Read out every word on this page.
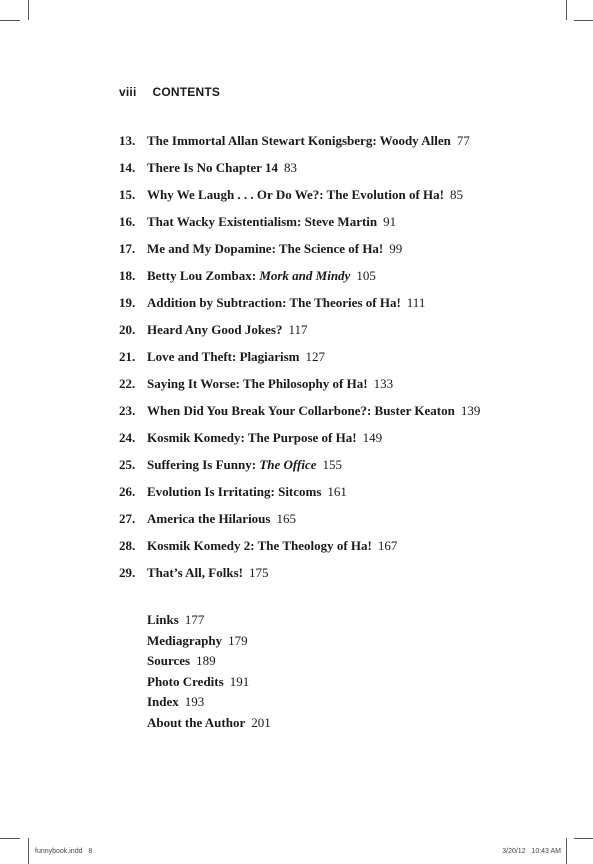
viii CONTENTS
13. The Immortal Allan Stewart Konigsberg: Woody Allen 77
14. There Is No Chapter 14 83
15. Why We Laugh . . . Or Do We?: The Evolution of Ha! 85
16. That Wacky Existentialism: Steve Martin 91
17. Me and My Dopamine: The Science of Ha! 99
18. Betty Lou Zombax: Mork and Mindy 105
19. Addition by Subtraction: The Theories of Ha! 111
20. Heard Any Good Jokes? 117
21. Love and Theft: Plagiarism 127
22. Saying It Worse: The Philosophy of Ha! 133
23. When Did You Break Your Collarbone?: Buster Keaton 139
24. Kosmik Komedy: The Purpose of Ha! 149
25. Suffering Is Funny: The Office 155
26. Evolution Is Irritating: Sitcoms 161
27. America the Hilarious 165
28. Kosmik Komedy 2: The Theology of Ha! 167
29. That’s All, Folks! 175
Links 177
Mediagraphy 179
Sources 189
Photo Credits 191
Index 193
About the Author 201
funnybook.indd   8	3/20/12   10:43 AM
